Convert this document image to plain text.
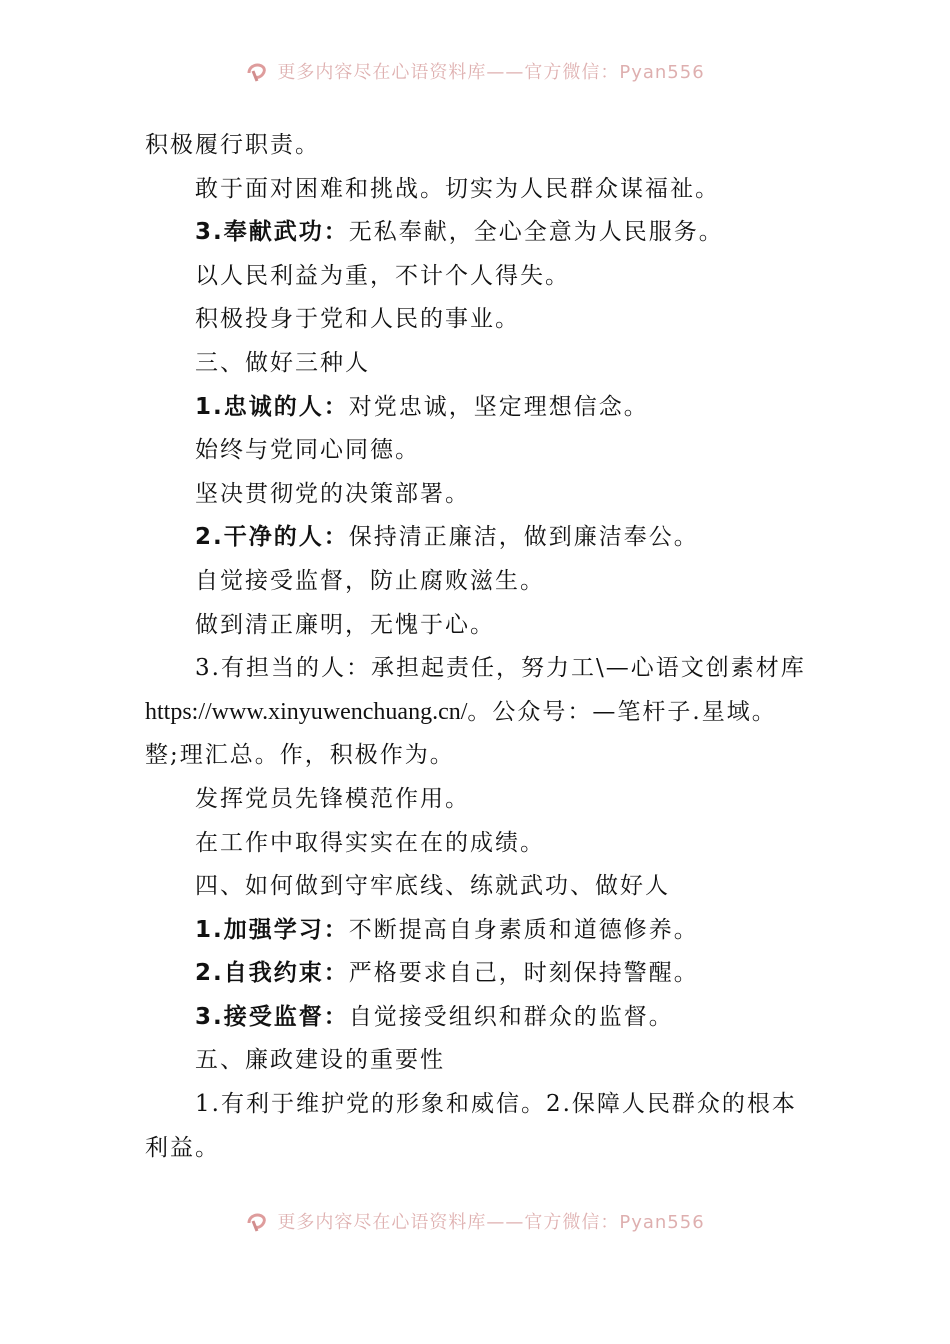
更多内容尽在心语资料库——官方微信：Pyan556

积极履行职责。

敢于面对困难和挑战。切实为人民群众谋福祉。

3.奉献武功：无私奉献，全心全意为人民服务。

以人民利益为重，不计个人得失。

积极投身于党和人民的事业。

三、做好三种人

1.忠诚的人：对党忠诚，坚定理想信念。

始终与党同心同德。

坚决贯彻党的决策部署。

2.干净的人：保持清正廉洁，做到廉洁奉公。

自觉接受监督，防止腐败滋生。

做到清正廉明，无愧于心。

3.有担当的人：承担起责任，努力工\—心语文创素材库

https://www.xinyuwenchuang.cn/。公众号：—笔杆子.星域。

整;理汇总。作，积极作为。

发挥党员先锋模范作用。

在工作中取得实实在在的成绩。

四、如何做到守牢底线、练就武功、做好人

1.加强学习：不断提高自身素质和道德修养。

2.自我约束：严格要求自己，时刻保持警醒。

3.接受监督：自觉接受组织和群众的监督。

五、廉政建设的重要性

1.有利于维护党的形象和威信。2.保障人民群众的根本

利益。

更多内容尽在心语资料库——官方微信：Pyan556
